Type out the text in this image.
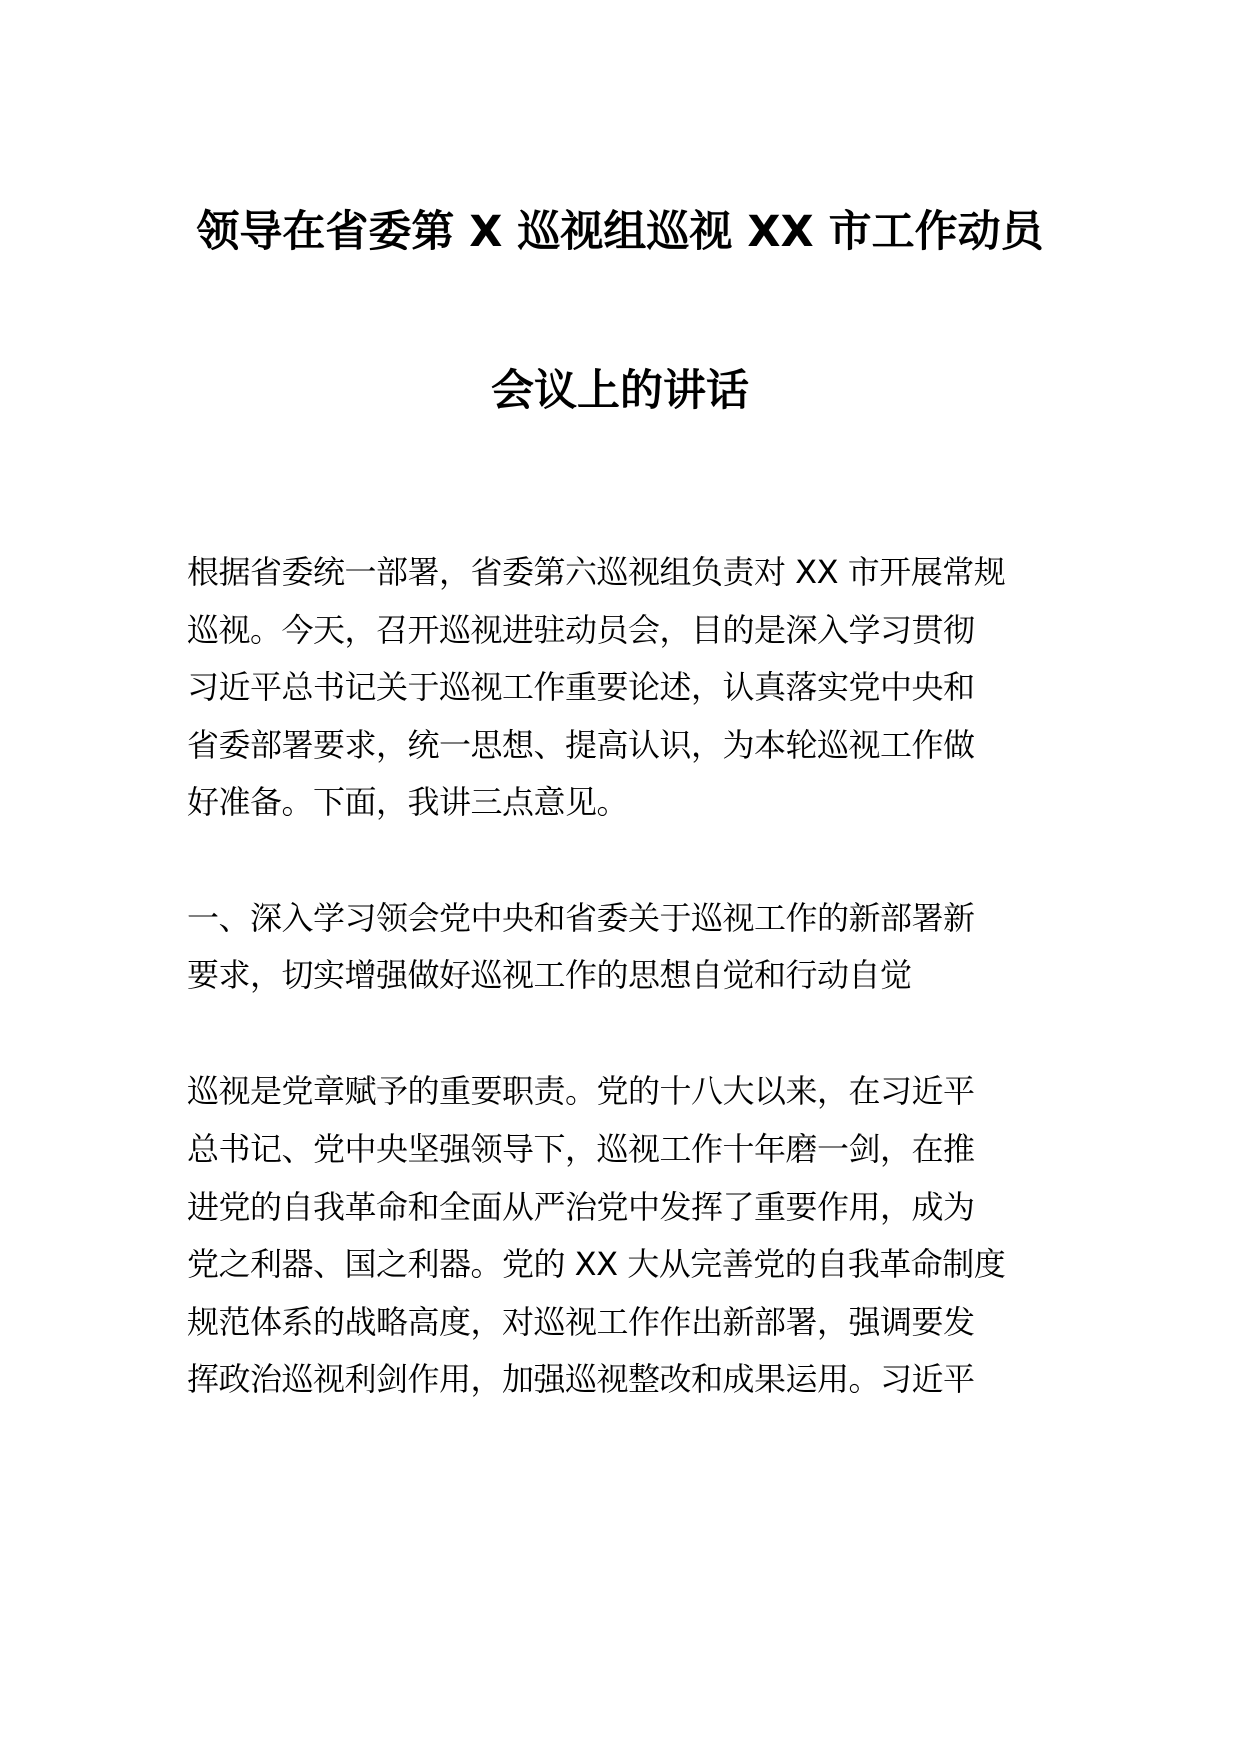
领导在省委第 X 巡视组巡视 XX 市工作动员
会议上的讲话
根据省委统一部署，省委第六巡视组负责对 XX 市开展常规
巡视。今天，召开巡视进驻动员会，目的是深入学习贯彻
习近平总书记关于巡视工作重要论述，认真落实党中央和
省委部署要求，统一思想、提高认识，为本轮巡视工作做
好准备。下面，我讲三点意见。
一、深入学习领会党中央和省委关于巡视工作的新部署新
要求，切实增强做好巡视工作的思想自觉和行动自觉
巡视是党章赋予的重要职责。党的十八大以来，在习近平
总书记、党中央坚强领导下，巡视工作十年磨一剑，在推
进党的自我革命和全面从严治党中发挥了重要作用，成为
党之利器、国之利器。党的 XX 大从完善党的自我革命制度
规范体系的战略高度，对巡视工作作出新部署，强调要发
挥政治巡视利剑作用，加强巡视整改和成果运用。习近平
